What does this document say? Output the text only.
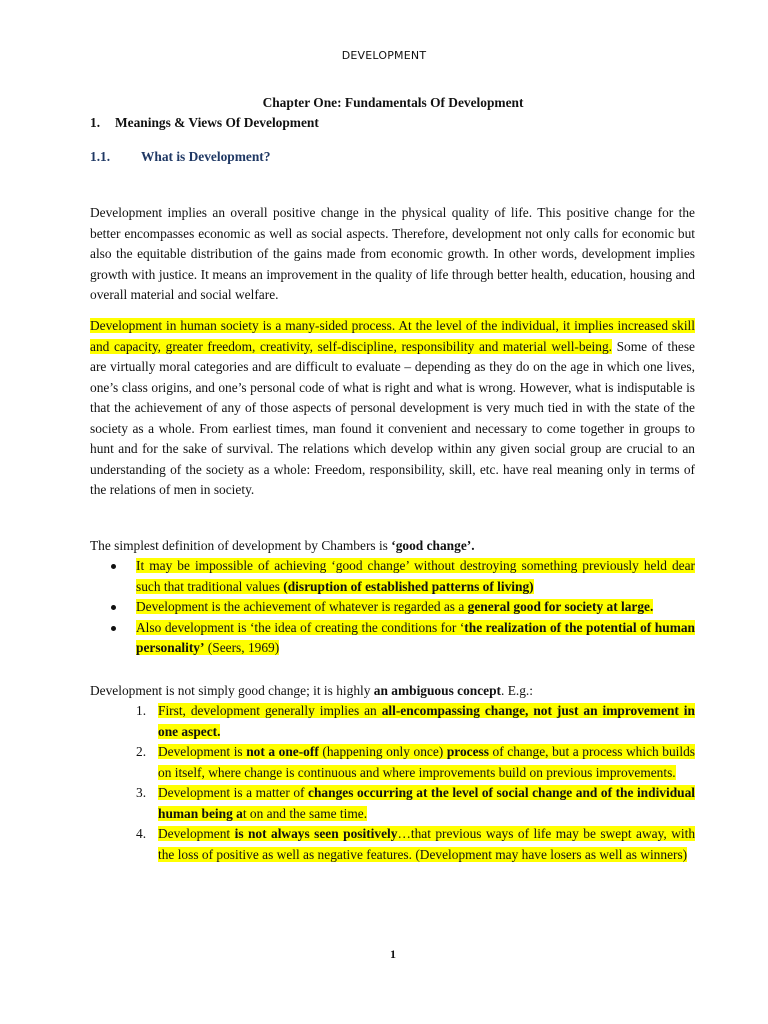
DEVELOPMENT
Chapter One: Fundamentals Of Development
1. Meanings & Views Of Development
1.1. What is Development?

Development implies an overall positive change in the physical quality of life. This positive change for the better encompasses economic as well as social aspects. Therefore, development not only calls for economic but also the equitable distribution of the gains made from economic growth. In other words, development implies growth with justice. It means an improvement in the quality of life through better health, education, housing and overall material and social welfare.

Development in human society is a many-sided process. At the level of the individual, it implies increased skill and capacity, greater freedom, creativity, self-discipline, responsibility and material well-being. Some of these are virtually moral categories and are difficult to evaluate – depending as they do on the age in which one lives, one’s class origins, and one’s personal code of what is right and what is wrong. However, what is indisputable is that the achievement of any of those aspects of personal development is very much tied in with the state of the society as a whole. From earliest times, man found it convenient and necessary to come together in groups to hunt and for the sake of survival. The relations which develop within any given social group are crucial to an understanding of the society as a whole: Freedom, responsibility, skill, etc. have real meaning only in terms of the relations of men in society.

The simplest definition of development by Chambers is ‘good change’.
It may be impossible of achieving ‘good change’ without destroying something previously held dear such that traditional values (disruption of established patterns of living)
Development is the achievement of whatever is regarded as a general good for society at large.
Also development is ‘the idea of creating the conditions for ‘the realization of the potential of human personality’ (Seers, 1969)
Development is not simply good change; it is highly an ambiguous concept. E.g.:
1. First, development generally implies an all-encompassing change, not just an improvement in one aspect.
2. Development is not a one-off (happening only once) process of change, but a process which builds on itself, where change is continuous and where improvements build on previous improvements.
3. Development is a matter of changes occurring at the level of social change and of the individual human being at on and the same time.
4. Development is not always seen positively…that previous ways of life may be swept away, with the loss of positive as well as negative features. (Development may have losers as well as winners)
1
